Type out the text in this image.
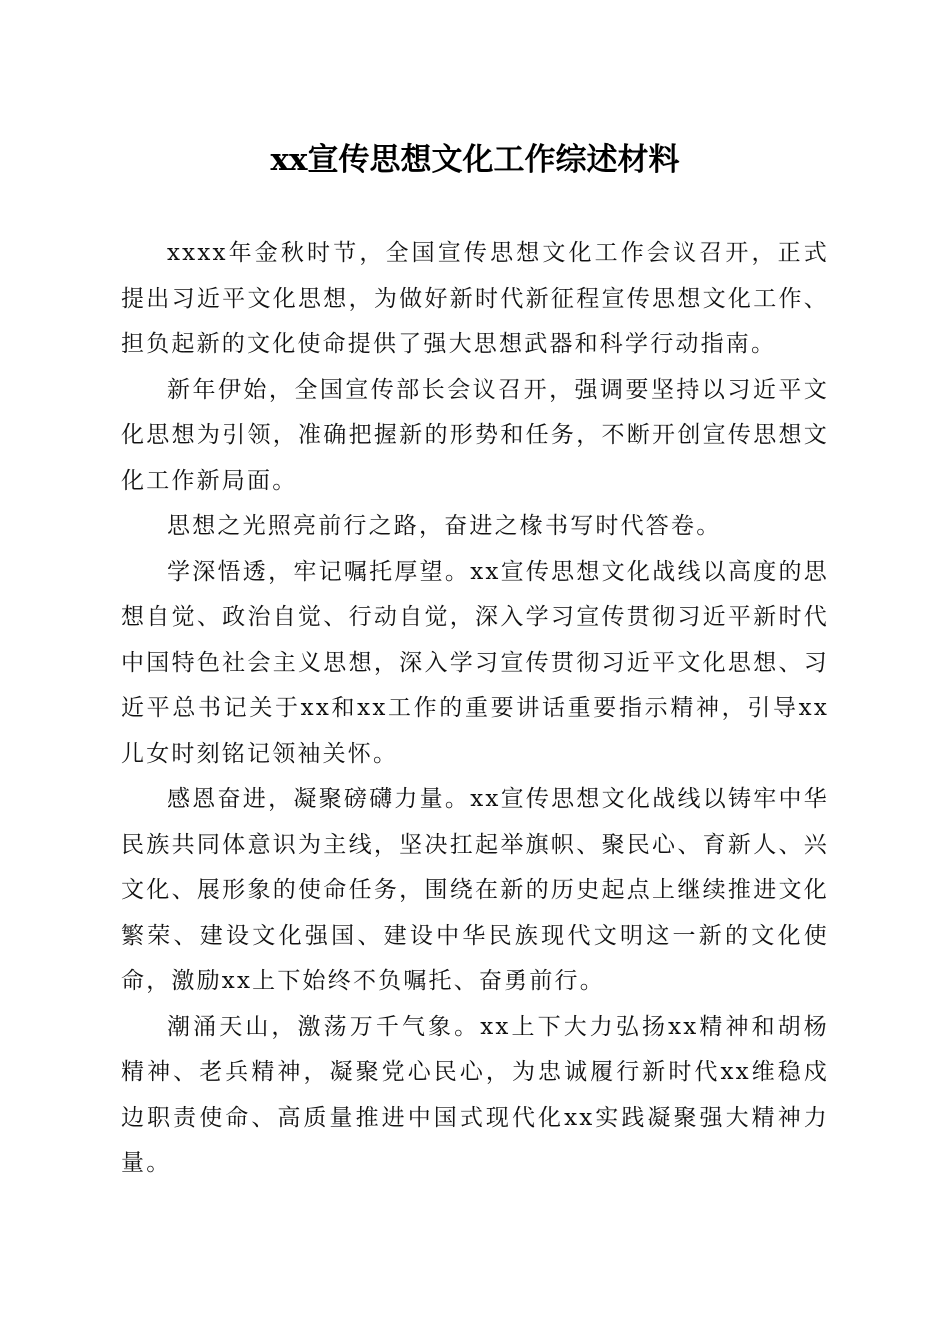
xx宣传思想文化工作综述材料

xxxx年金秋时节，全国宣传思想文化工作会议召开，正式提出习近平文化思想，为做好新时代新征程宣传思想文化工作、担负起新的文化使命提供了强大思想武器和科学行动指南。

新年伊始，全国宣传部长会议召开，强调要坚持以习近平文化思想为引领，准确把握新的形势和任务，不断开创宣传思想文化工作新局面。

思想之光照亮前行之路，奋进之椽书写时代答卷。

学深悟透，牢记嘱托厚望。xx宣传思想文化战线以高度的思想自觉、政治自觉、行动自觉，深入学习宣传贯彻习近平新时代中国特色社会主义思想，深入学习宣传贯彻习近平文化思想、习近平总书记关于xx和xx工作的重要讲话重要指示精神，引导xx儿女时刻铭记领袖关怀。

感恩奋进，凝聚磅礴力量。xx宣传思想文化战线以铸牢中华民族共同体意识为主线，坚决扛起举旗帜、聚民心、育新人、兴文化、展形象的使命任务，围绕在新的历史起点上继续推进文化繁荣、建设文化强国、建设中华民族现代文明这一新的文化使命，激励xx上下始终不负嘱托、奋勇前行。

潮涌天山，激荡万千气象。xx上下大力弘扬xx精神和胡杨精神、老兵精神，凝聚党心民心，为忠诚履行新时代xx维稳戍边职责使命、高质量推进中国式现代化xx实践凝聚强大精神力量。
